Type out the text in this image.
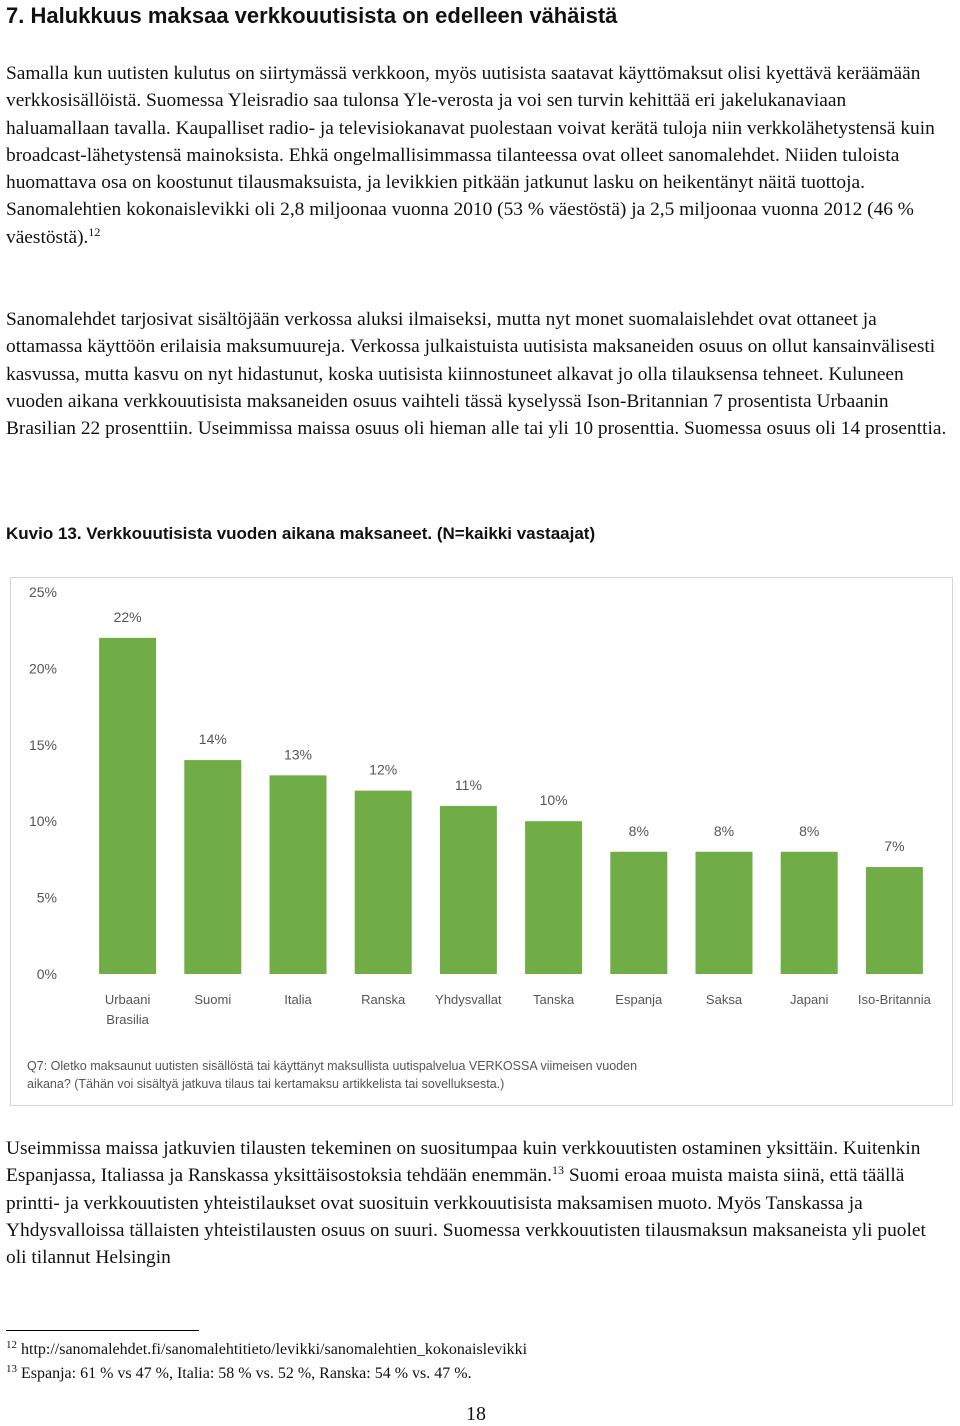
7. Halukkuus maksaa verkkouutisista on edelleen vähäistä

Samalla kun uutisten kulutus on siirtymässä verkkoon, myös uutisista saatavat käyttömaksut olisi kyettävä keräämään verkkosisällöistä. Suomessa Yleisradio saa tulonsa Yle-verosta ja voi sen turvin kehittää eri jakelukanaviaan haluamallaan tavalla. Kaupalliset radio- ja televisiokanavat puolestaan voivat kerätä tuloja niin verkkolähetystensä kuin broadcast-lähetystensä mainoksista. Ehkä ongelmallisimmassa tilanteessa ovat olleet sanomalehdet. Niiden tuloista huomattava osa on koostunut tilausmaksuista, ja levikkien pitkään jatkunut lasku on heikentänyt näitä tuottoja. Sanomalehtien kokonaislevikki oli 2,8 miljoonaa vuonna 2010 (53 % väestöstä) ja 2,5 miljoonaa vuonna 2012 (46 % väestöstä).$^{12}$

Sanomalehdet tarjosivat sisältöjään verkossa aluksi ilmaiseksi, mutta nyt monet suomalaislehdet ovat ottaneet ja ottamassa käyttöön erilaisia maksumuureja. Verkossa julkaistuista uutisista maksaneiden osuus on ollut kansainvälisesti kasvussa, mutta kasvu on nyt hidastunut, koska uutisista kiinnostuneet alkavat jo olla tilauksensa tehneet. Kuluneen vuoden aikana verkkouutisista maksaneiden osuus vaihteli tässä kyselyssä Ison-Britannian 7 prosentista Urbaanin Brasilian 22 prosenttiin. Useimmissa maissa osuus oli hieman alle tai yli 10 prosenttia. Suomessa osuus oli 14 prosenttia.

Kuvio 13. Verkkouutisista vuoden aikana maksaneet. (N=kaikki vastaajat)

0%
5%
10%
15%
20%
25%
22%
Urbaani
Brasilia
14%
Suomi
13%
Italia
12%
Ranska
11%
Yhdysvallat
10%
Tanska
8%
Espanja
8%
Saksa
8%
Japani
7%
Iso-Britannia
Q7: Oletko maksaunut uutisten sisällöstä tai käyttänyt maksullista uutispalvelua VERKOSSA viimeisen vuoden
aikana? (Tähän voi sisältyä jatkuva tilaus tai kertamaksu artikkelista tai sovelluksesta.)

Useimmissa maissa jatkuvien tilausten tekeminen on suositumpaa kuin verkkouutisten ostaminen yksittäin. Kuitenkin Espanjassa, Italiassa ja Ranskassa yksittäisostoksia tehdään enemmän.$^{13}$ Suomi eroaa muista maista siinä, että täällä printti- ja verkkouutisten yhteistilaukset ovat suosituin verkkouutisista maksamisen muoto. Myös Tanskassa ja Yhdysvalloissa tällaisten yhteistilausten osuus on suuri. Suomessa verkkouutisten tilausmaksun maksaneista yli puolet oli tilannut Helsingin

$^{12}$ http://sanomalehdet.fi/sanomalehtitieto/levikki/sanomalehtien_kokonaislevikki

$^{13}$ Espanja: 61 % vs 47 %, Italia: 58 % vs. 52 %, Ranska: 54 % vs. 47 %.

18
